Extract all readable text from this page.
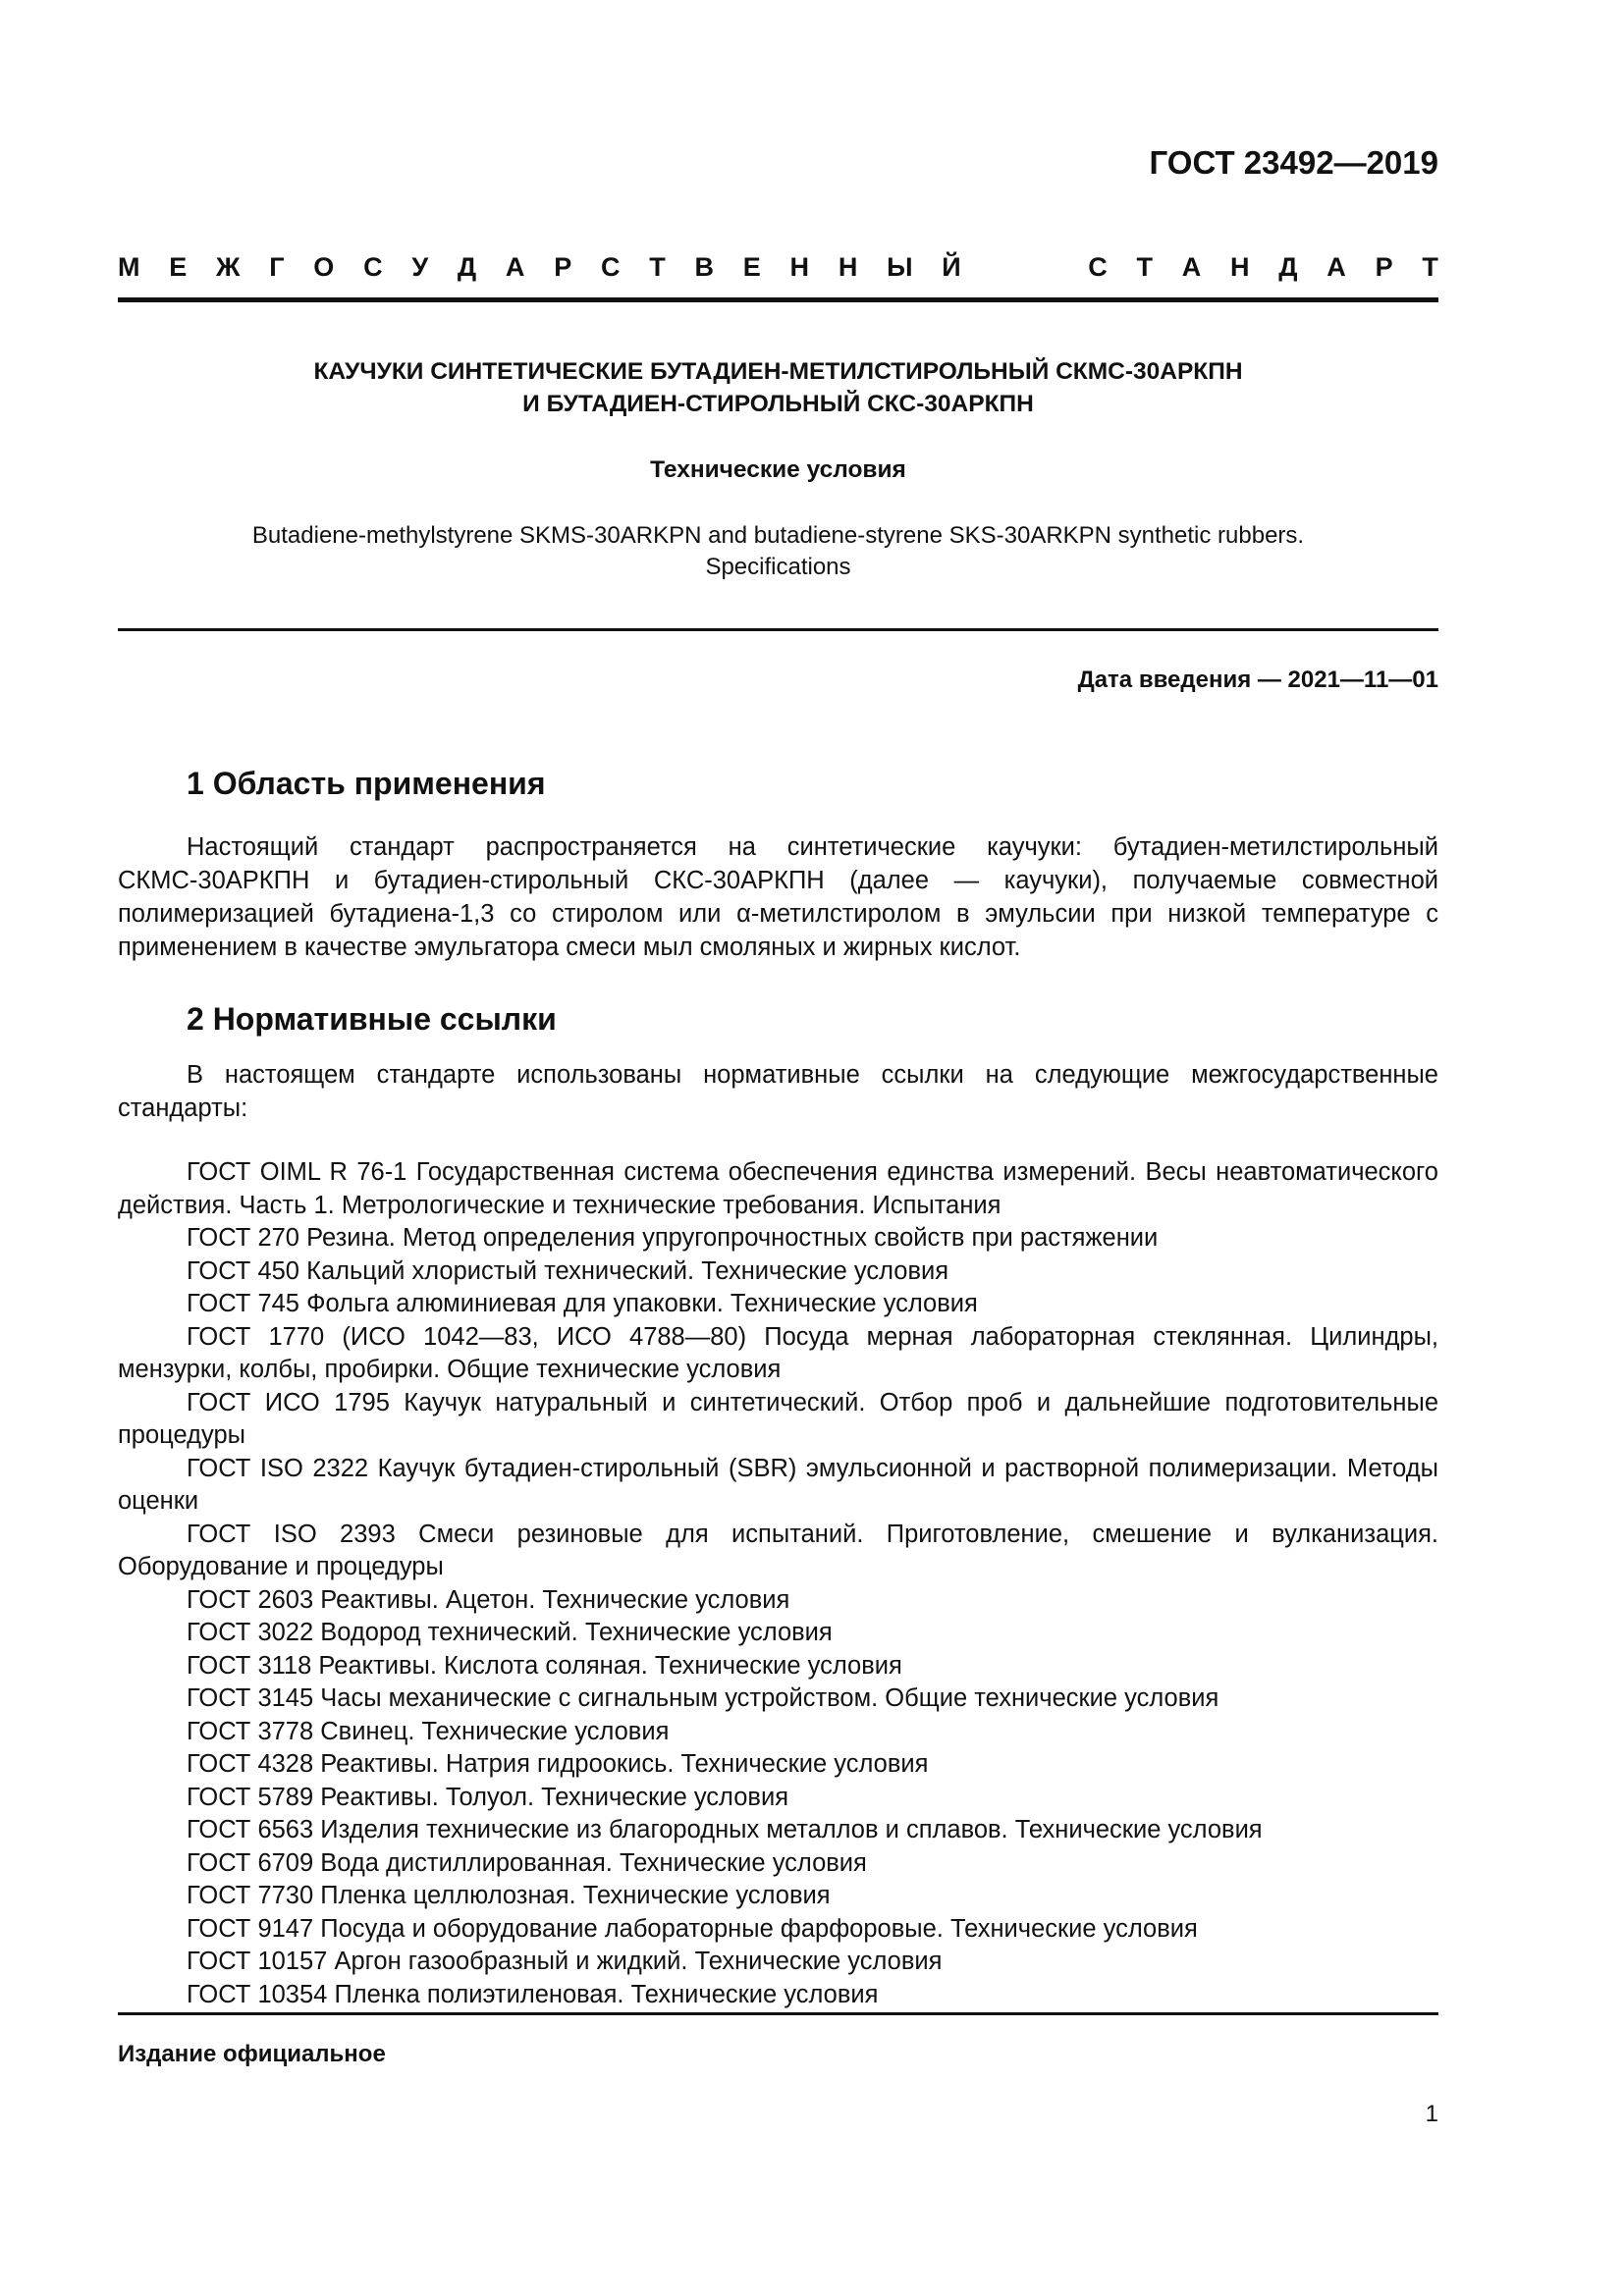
ГОСТ 23492—2019
М Е Ж Г О С У Д А Р С Т В Е Н Н Ы Й	С Т А Н Д А Р Т
КАУЧУКИ СИНТЕТИЧЕСКИЕ БУТАДИЕН-МЕТИЛСТИРОЛЬНЫЙ СКМС-30АРКПН
И БУТАДИЕН-СТИРОЛЬНЫЙ СКС-30АРКПН
Технические условия
Butadiene-methylstyrene SKMS-30ARKPN and butadiene-styrene SKS-30ARKPN synthetic rubbers.
Specifications
Дата введения — 2021—11—01
1 Область применения
Настоящий стандарт распространяется на синтетические каучуки: бутадиен-метилстирольный СКМС-30АРКПН и бутадиен-стирольный СКС-30АРКПН (далее — каучуки), получаемые совместной полимеризацией бутадиена-1,3 со стиролом или α-метилстиролом в эмульсии при низкой температуре с применением в качестве эмульгатора смеси мыл смоляных и жирных кислот.
2 Нормативные ссылки
В настоящем стандарте использованы нормативные ссылки на следующие межгосударственные стандарты:

ГОСТ OIML R 76-1 Государственная система обеспечения единства измерений. Весы неавтоматического действия. Часть 1. Метрологические и технические требования. Испытания

ГОСТ 270 Резина. Метод определения упругопрочностных свойств при растяжении

ГОСТ 450 Кальций хлористый технический. Технические условия

ГОСТ 745 Фольга алюминиевая для упаковки. Технические условия

ГОСТ 1770 (ИСО 1042—83, ИСО 4788—80) Посуда мерная лабораторная стеклянная. Цилиндры, мензурки, колбы, пробирки. Общие технические условия

ГОСТ ИСО 1795 Каучук натуральный и синтетический. Отбор проб и дальнейшие подготовительные процедуры

ГОСТ ISO 2322 Каучук бутадиен-стирольный (SBR) эмульсионной и растворной полимеризации. Методы оценки

ГОСТ ISO 2393 Смеси резиновые для испытаний. Приготовление, смешение и вулканизация. Оборудование и процедуры

ГОСТ 2603 Реактивы. Ацетон. Технические условия

ГОСТ 3022 Водород технический. Технические условия

ГОСТ 3118 Реактивы. Кислота соляная. Технические условия

ГОСТ 3145 Часы механические с сигнальным устройством. Общие технические условия

ГОСТ 3778 Свинец. Технические условия

ГОСТ 4328 Реактивы. Натрия гидроокись. Технические условия

ГОСТ 5789 Реактивы. Толуол. Технические условия

ГОСТ 6563 Изделия технические из благородных металлов и сплавов. Технические условия

ГОСТ 6709 Вода дистиллированная. Технические условия

ГОСТ 7730 Пленка целлюлозная. Технические условия

ГОСТ 9147 Посуда и оборудование лабораторные фарфоровые. Технические условия

ГОСТ 10157 Аргон газообразный и жидкий. Технические условия

ГОСТ 10354 Пленка полиэтиленовая. Технические условия

Издание официальное
1
